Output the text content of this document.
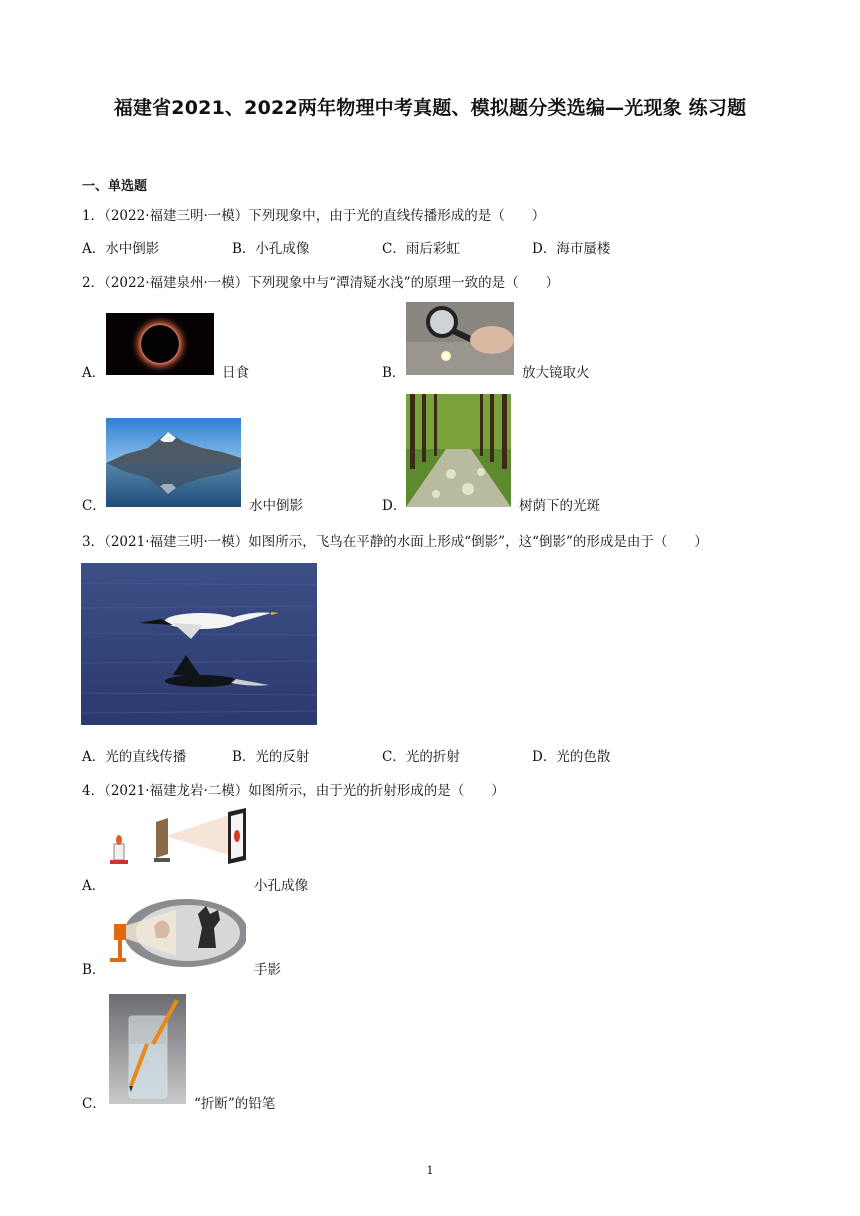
福建省2021、2022两年物理中考真题、模拟题分类选编—光现象 练习题
一、单选题
1．（2022·福建三明·一模）下列现象中，由于光的直线传播形成的是（　　）
A．水中倒影	B．小孔成像	C．雨后彩虹	D．海市蜃楼
2．（2022·福建泉州·一模）下列现象中与“潭清疑水浅”的原理一致的是（　　）
A．	日食	B．	放大镜取火
C．	水中倒影	D．	树荫下的光斑
3．（2021·福建三明·一模）如图所示，飞鸟在平静的水面上形成“倒影”，这“倒影”的形成是由于（　　）
A．光的直线传播	B．光的反射	C．光的折射	D．光的色散
4．（2021·福建龙岩·二模）如图所示，由于光的折射形成的是（　　）
A．	小孔成像
B．	手影
C．	“折断”的铅笔
1
